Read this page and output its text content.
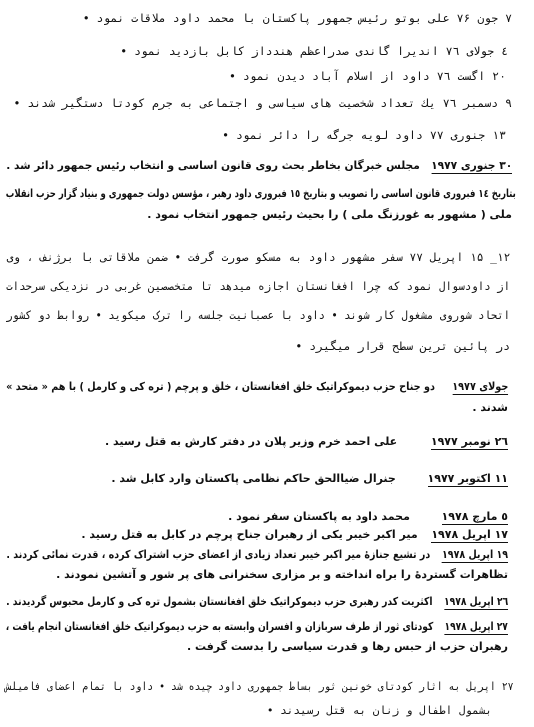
۷ جون ۷۶ علی بوتو رئیس جمهور پاکستان با محمد داود ملاقات نمود •
٤ جولای ۷٦ اندیرا گاندی صدراعظم هندداز کابل بازدید نمود •
۲۰ اگست ۷٦ داود از اسلام آباد دیدن نمود •
۹ دسمبر ۷٦ یك تعداد شخصیت های سیاسی و اجتماعی به جرم کودتا دستگیر شدند •
۱۳ جنوری ۷۷ داود لویه جرگه را دائر نمود •
۳۰ جنوری ۱۹۷۷  مجلس خبرگان بخاطر بحث روی قانون اساسی و انتخاب رئیس جمهور دائر شد .
بتاریخ ١٤ فبروری قانون اساسی را تصویب و بتاریخ ١٥ فبروری داود رهبر ، مؤسس دولت جمهوری و بنیاد گزار حزب انقلاب
ملی ( مشهور به غورزنگ ملی ) را بحیث رئیس جمهور انتخاب نمود .
۱۲_ ۱۵ اپریل ۷۷ سفر مشهور داود به مسکو صورت گرفت • ضمن ملاقاتی با برژنف ، وی
از داودسوال نمود که چرا افغانستان اجازه میدهد تا متخصصین غربی در نزدیکی سرحدات
اتحاد شوروی مشغول کار شوند • داود با عصبانیت جلسه را ترک میکوید • روابط دو کشور
در پائین ترین سطح قرار میگیرد •
جولای ۱۹۷۷  دو جناح حزب دیموکراتیک خلق افغانستان ، خلق و پرچم ( تره کی و کارمل ) با هم « متحد »
شدند .
٢٦ نومبر ۱۹۷۷  علی احمد خرم وزیر پلان در دفتر کارش به قتل رسید .
١١ اکتوبر ۱۹۷۷  جنرال ضیاالحق حاکم نظامی پاکستان وارد کابل شد .
٥ مارچ ۱۹۷۸  محمد داود به پاکستان سفر نمود .
١٧ اپریل ۱۹۷۸  میر اکبر خیبر یکی از رهبران جناح پرچم در کابل به قتل رسید .
١٩ اپریل ۱۹۷۸  در تشیع جنازهٔ میر اکبر خیبر تعداد زیادی از اعضای حزب اشتراک کرده ، قدرت نمائی کردند .
تظاهرات گستردهٔ را براه انداخته و بر مزاری سخنرانی های پر شور و آتشین نمودند .
٢٦ اپریل ۱۹۷۸  اکثریت کدر رهبری حزب دیموکراتیک خلق افغانستان بشمول تره کی و کارمل محبوس گردیدند .
٢٧ اپریل ۱۹۷۸  کودتای ثور از طرف سربازان و افسران وابسته به حزب دیموکراتیک خلق افغانستان انجام یافت ،
رهبران حزب از حبس رها و قدرت سیاسی را بدست گرفت .
۲۷ اپریل به اثار کودتای خونین ثور بساط جمهوری داود چیده شد • داود با تمام اعضای فامیلش
بشمول اطفال و زنان به قتل رسیدند •
